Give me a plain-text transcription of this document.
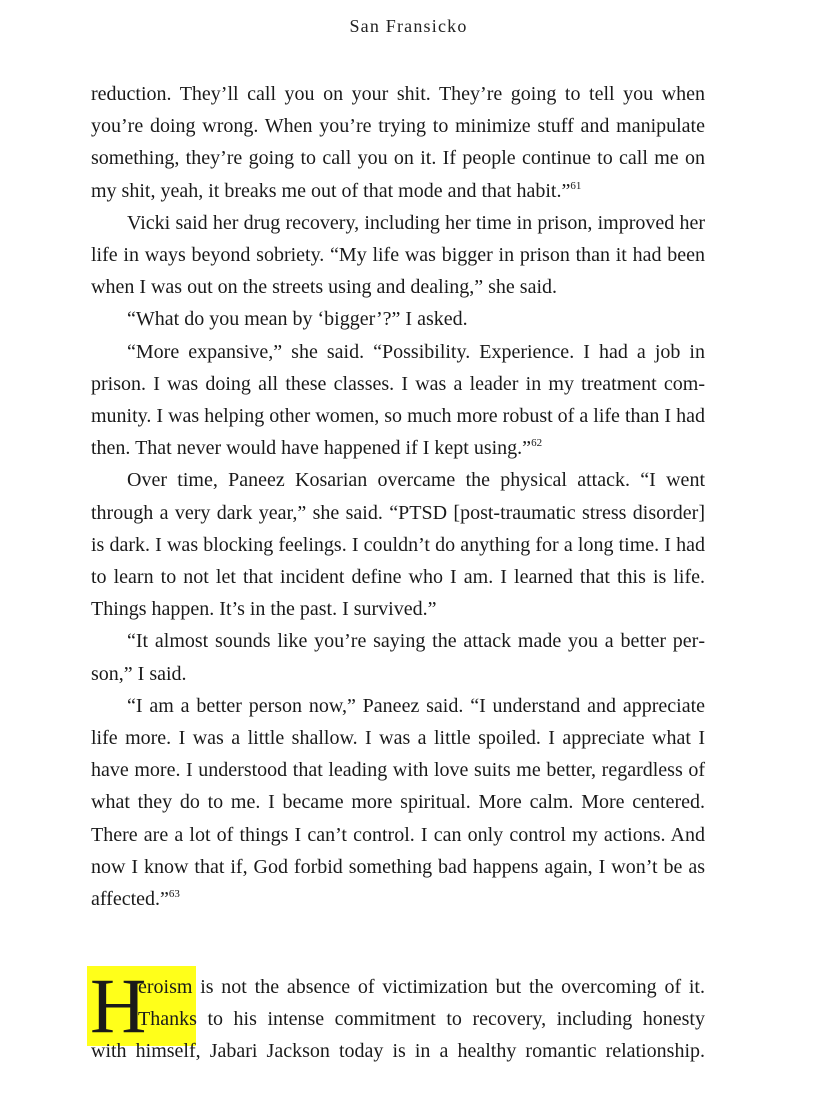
San Fransicko

reduction. They’ll call you on your shit. They’re going to tell you when you’re doing wrong. When you’re trying to minimize stuff and manipulate something, they’re going to call you on it. If people continue to call me on my shit, yeah, it breaks me out of that mode and that habit.”$^{61}$

Vicki said her drug recovery, including her time in prison, improved her life in ways beyond sobriety. “My life was bigger in prison than it had been when I was out on the streets using and dealing,” she said.

“What do you mean by ‘bigger’?” I asked.

“More expansive,” she said. “Possibility. Experience. I had a job in prison. I was doing all these classes. I was a leader in my treatment community. I was helping other women, so much more robust of a life than I had then. That never would have happened if I kept using.”$^{62}$

Over time, Paneez Kosarian overcame the physical attack. “I went through a very dark year,” she said. “PTSD [post-traumatic stress disorder] is dark. I was blocking feelings. I couldn’t do anything for a long time. I had to learn to not let that incident define who I am. I learned that this is life. Things happen. It’s in the past. I survived.”

“It almost sounds like you’re saying the attack made you a better person,” I said.

“I am a better person now,” Paneez said. “I understand and appreciate life more. I was a little shallow. I was a little spoiled. I appreciate what I have more. I understood that leading with love suits me better, regardless of what they do to me. I became more spiritual. More calm. More centered. There are a lot of things I can’t control. I can only control my actions. And now I know that if, God forbid something bad happens again, I won’t be as affected.”$^{63}$

H
eroism is not the absence of victimization but the overcoming of it.
Thanks to his intense commitment to recovery, including honesty
with himself, Jabari Jackson today is in a healthy romantic relationship.
